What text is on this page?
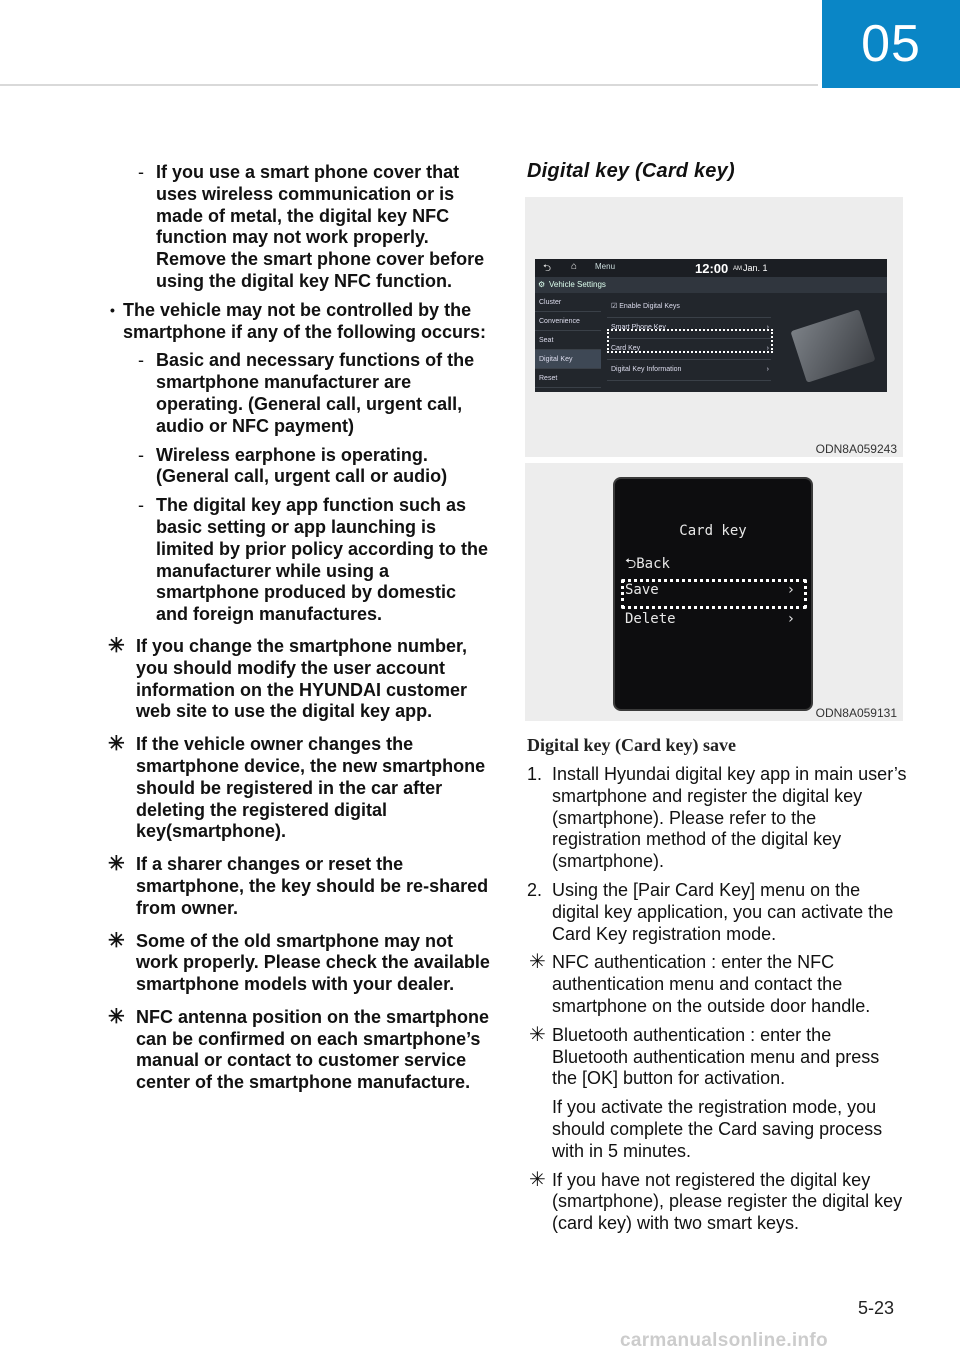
05
- If you use a smart phone cover that uses wireless communication or is made of metal, the digital key NFC function may not work properly. Remove the smart phone cover before using the digital key NFC function.
• The vehicle may not be controlled by the smartphone if any of the following occurs:
- Basic and necessary functions of the smartphone manufacturer are operating. (General call, urgent call, audio or NFC payment)
- Wireless earphone is operating. (General call, urgent call or audio)
- The digital key app function such as basic setting or app launching is limited by prior policy according to the manufacturer while using a smartphone produced by domestic and foreign manufactures.
✳ If you change the smartphone number, you should modify the user account information on the HYUNDAI customer web site to use the digital key app.
✳ If the vehicle owner changes the smartphone device, the new smartphone should be registered in the car after deleting the registered digital key(smartphone).
✳ If a sharer changes or reset the smartphone, the key should be re-shared from owner.
✳ Some of the old smartphone may not work properly. Please check the available smartphone models with your dealer.
✳ NFC antenna position on the smartphone can be confirmed on each smartphone’s manual or contact to customer service center of the smartphone manufacture.
Digital key (Card key)
⮌ ⌂ Menu	12:00 AM Jan. 1
⚙ Vehicle Settings
Cluster
Convenience
Seat
Digital Key
Reset
☑ Enable Digital Keys
Smart Phone Key	›
Card Key	›
Digital Key Information	›
ODN8A059243
Card key
⮌Back
Save	›
Delete	›
ODN8A059131
Digital key (Card key) save
1. Install Hyundai digital key app in main user’s smartphone and register the digital key (smartphone). Please refer to the registration method of the digital key (smartphone).
2. Using the [Pair Card Key] menu on the digital key application, you can activate the Card Key registration mode.
✳ NFC authentication : enter the NFC authentication menu and contact the smartphone on the outside door handle.
✳ Bluetooth authentication : enter the Bluetooth authentication menu and press the [OK] button for activation.

If you activate the registration mode, you should complete the Card saving process with in 5 minutes.

✳ If you have not registered the digital key (smartphone), please register the digital key (card key) with two smart keys.
5-23
carmanualsonline.info
